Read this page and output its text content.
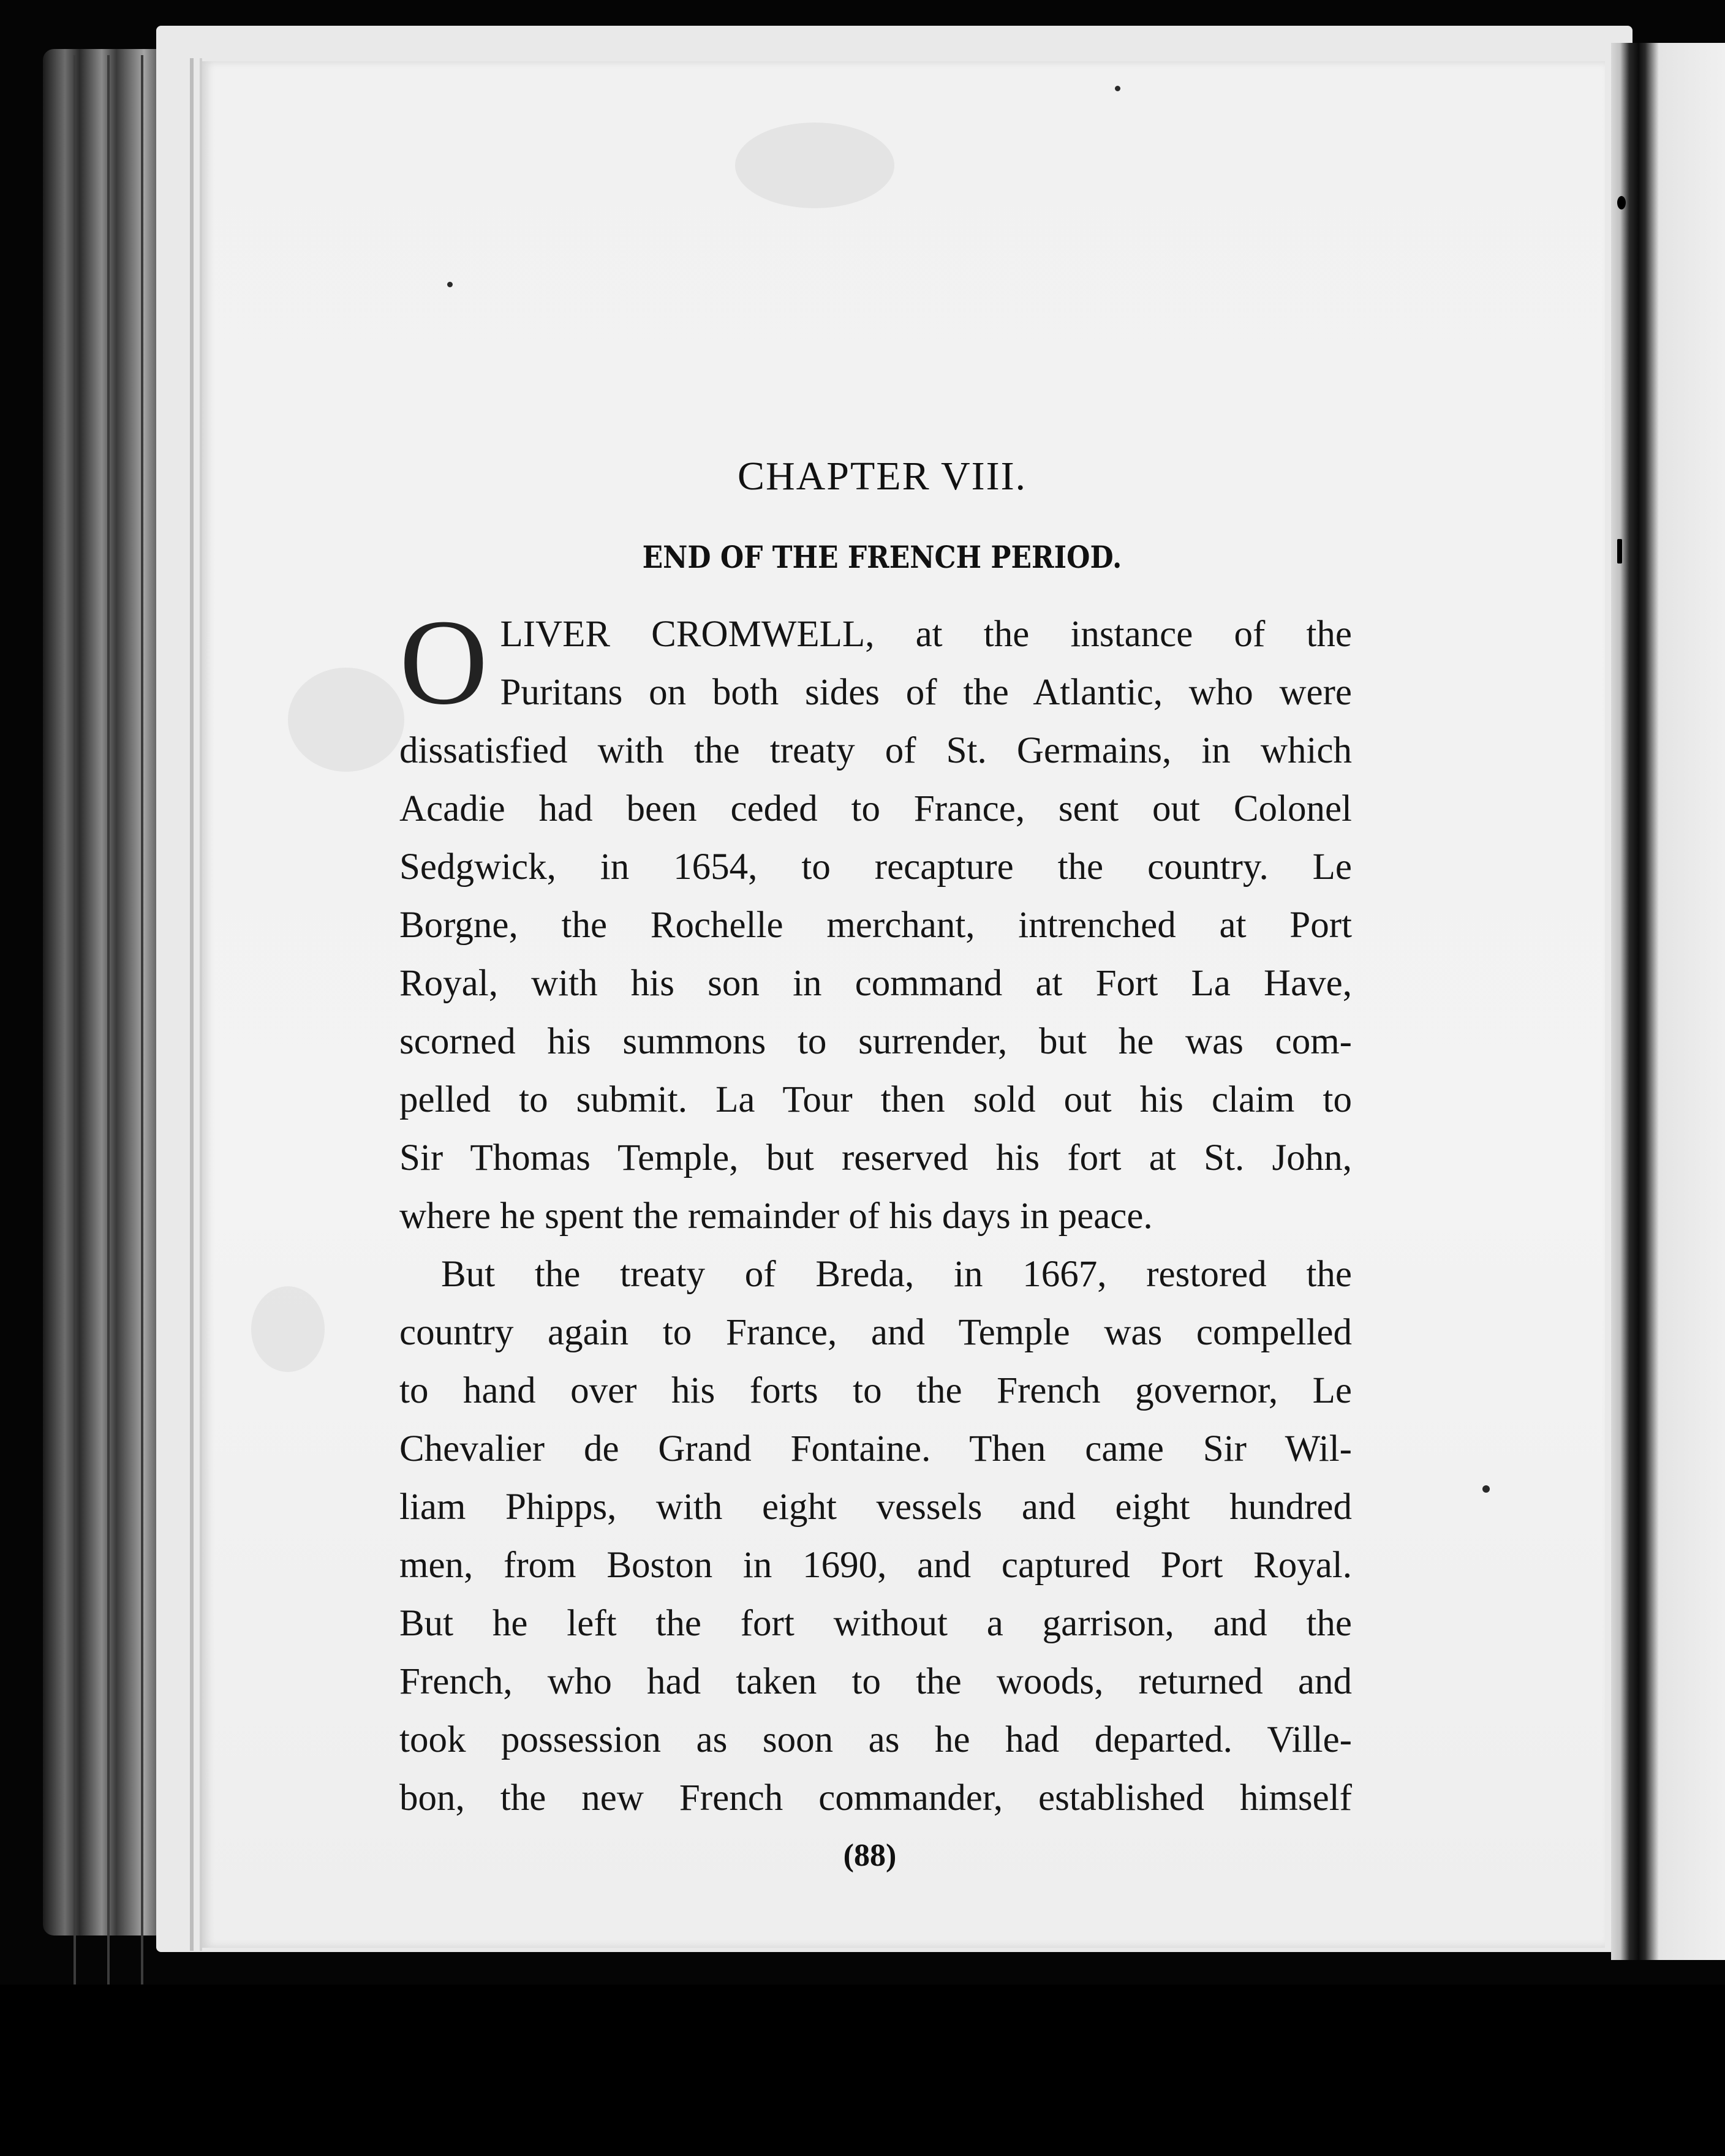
CHAPTER VIII.
END OF THE FRENCH PERIOD.
O LIVER CROMWELL, at the instance of the
Puritans on both sides of the Atlantic, who were
dissatisfied with the treaty of St. Germains, in which
Acadie had been ceded to France, sent out Colonel
Sedgwick, in 1654, to recapture the country. Le
Borgne, the Rochelle merchant, intrenched at Port
Royal, with his son in command at Fort La Have,
scorned his summons to surrender, but he was com-
pelled to submit. La Tour then sold out his claim to
Sir Thomas Temple, but reserved his fort at St. John,
where he spent the remainder of his days in peace.
But the treaty of Breda, in 1667, restored the
country again to France, and Temple was compelled
to hand over his forts to the French governor, Le
Chevalier de Grand Fontaine. Then came Sir Wil-
liam Phipps, with eight vessels and eight hundred
men, from Boston in 1690, and captured Port Royal.
But he left the fort without a garrison, and the
French, who had taken to the woods, returned and
took possession as soon as he had departed. Ville-
bon, the new French commander, established himself
(88)
